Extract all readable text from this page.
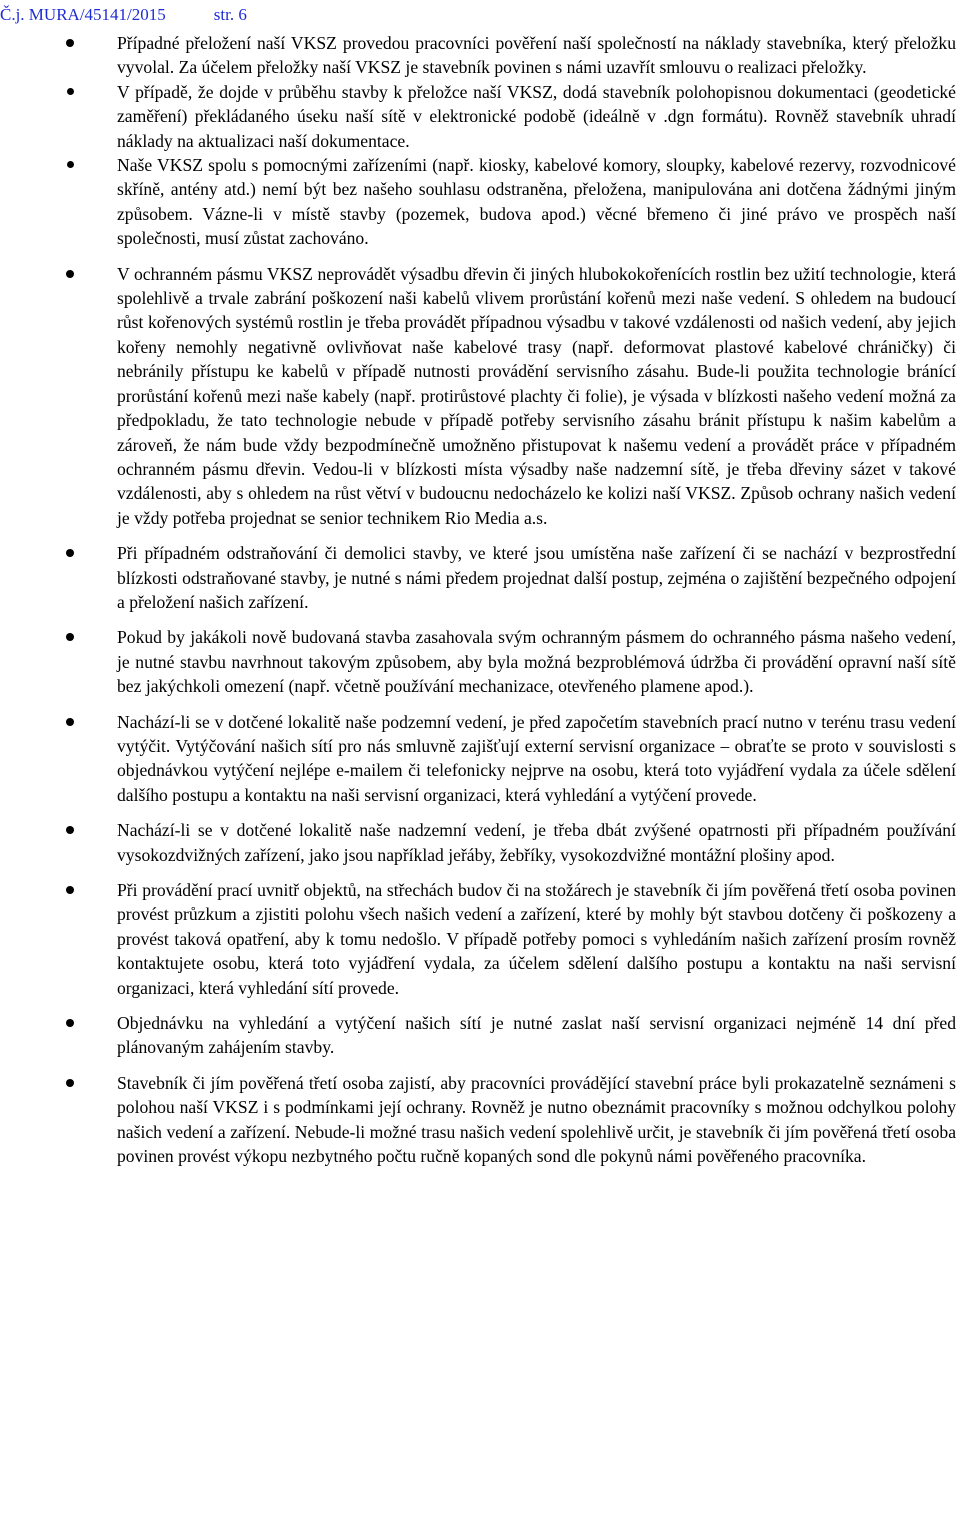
Č.j. MURA/45141/2015	str. 6
Případné přeložení naší VKSZ provedou pracovníci pověření naší společností na náklady stavebníka, který přeložku vyvolal. Za účelem přeložky naší VKSZ je stavebník povinen s námi uzavřít smlouvu o realizaci přeložky.
V případě, že dojde v průběhu stavby k přeložce naší VKSZ, dodá stavebník polohopisnou dokumentaci (geodetické zaměření) překládaného úseku naší sítě v elektronické podobě (ideálně v .dgn formátu). Rovněž stavebník uhradí náklady na aktualizaci naší dokumentace.
Naše VKSZ spolu s pomocnými zařízeními (např. kiosky, kabelové komory, sloupky, kabelové rezervy, rozvodnicové skříně, antény atd.) nemí být bez našeho souhlasu odstraněna, přeložena, manipulována ani dotčena žádnými jiným způsobem. Vázne-li v místě stavby (pozemek, budova apod.) věcné břemeno či jiné právo ve prospěch naší společnosti, musí zůstat zachováno.
V ochranném pásmu VKSZ neprovádět výsadbu dřevin či jiných hlubokokořenících rostlin bez užití technologie, která spolehlivě a trvale zabrání poškození naši kabelů vlivem prorůstání kořenů mezi naše vedení. S ohledem na budoucí růst kořenových systémů rostlin je třeba provádět případnou výsadbu v takové vzdálenosti od našich vedení, aby jejich kořeny nemohly negativně ovlivňovat naše kabelové trasy (např. deformovat plastové kabelové chráničky) či nebránily přístupu ke kabelů v případě nutnosti provádění servisního zásahu. Bude-li použita technologie bránící prorůstání kořenů mezi naše kabely (např. protirůstové plachty či folie), je výsada v blízkosti našeho vedení možná za předpokladu, že tato technologie nebude v případě potřeby servisního zásahu bránit přístupu k našim kabelům a zároveň, že nám bude vždy bezpodmínečně umožněno přistupovat k našemu vedení a provádět práce v případném ochranném pásmu dřevin. Vedou-li v blízkosti místa výsadby naše nadzemní sítě, je třeba dřeviny sázet v takové vzdálenosti, aby s ohledem na růst větví v budoucnu nedocházelo ke kolizi naší VKSZ. Způsob ochrany našich vedení je vždy potřeba projednat se senior technikem Rio Media a.s.
Při případném odstraňování či demolici stavby, ve které jsou umístěna naše zařízení či se nachází v bezprostřední blízkosti odstraňované stavby, je nutné s námi předem projednat další postup, zejména o zajištění bezpečného odpojení a přeložení našich zařízení.
Pokud by jakákoli nově budovaná stavba zasahovala svým ochranným pásmem do ochranného pásma našeho vedení, je nutné stavbu navrhnout takovým způsobem, aby byla možná bezproblémová údržba či provádění opravní naší sítě bez jakýchkoli omezení (např. včetně používání mechanizace, otevřeného plamene apod.).
Nachází-li se v dotčené lokalitě naše podzemní vedení, je před započetím stavebních prací nutno v terénu trasu vedení vytýčit. Vytýčování našich sítí pro nás smluvně zajišťují externí servisní organizace – obraťte se proto v souvislosti s objednávkou vytýčení nejlépe e-mailem či telefonicky nejprve na osobu, která toto vyjádření vydala za účele sdělení dalšího postupu a kontaktu na naši servisní organizaci, která vyhledání a vytýčení provede.
Nachází-li se v dotčené lokalitě naše nadzemní vedení, je třeba dbát zvýšené opatrnosti při případném používání vysokozdvižných zařízení, jako jsou například jeřáby, žebříky, vysokozdvižné montážní plošiny apod.
Při provádění prací uvnitř objektů, na střechách budov či na stožárech je stavebník či jím pověřená třetí osoba povinen provést průzkum a zjistiti polohu všech našich vedení a zařízení, které by mohly být stavbou dotčeny či poškozeny a provést taková opatření, aby k tomu nedošlo. V případě potřeby pomoci s vyhledáním našich zařízení prosím rovněž kontaktujete osobu, která toto vyjádření vydala, za účelem sdělení dalšího postupu a kontaktu na naši servisní organizaci, která vyhledání sítí provede.
Objednávku na vyhledání a vytýčení našich sítí je nutné zaslat naší servisní organizaci nejméně 14 dní před plánovaným zahájením stavby.
Stavebník či jím pověřená třetí osoba zajistí, aby pracovníci provádějící stavební práce byli prokazatelně seznámeni s polohou naší VKSZ i s podmínkami její ochrany. Rovněž je nutno obeznámit pracovníky s možnou odchylkou polohy našich vedení a zařízení. Nebude-li možné trasu našich vedení spolehlivě určit, je stavebník či jím pověřená třetí osoba povinen provést výkopu nezbytného počtu ručně kopaných sond dle pokynů námi pověřeného pracovníka.
